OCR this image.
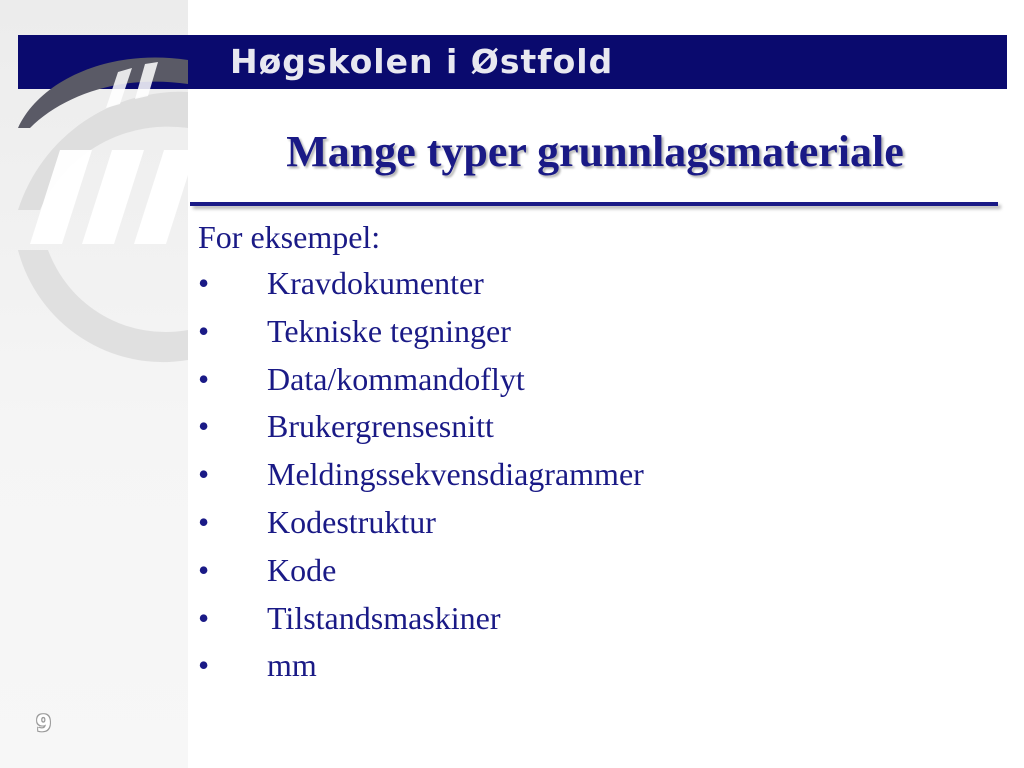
Høgskolen i Østfold
Mange typer grunnlagsmateriale
For eksempel:
•	Kravdokumenter
•	Tekniske tegninger
•	Data/kommandoflyt
•	Brukergrensesnitt
•	Meldingssekvensdiagrammer
•	Kodestruktur
•	Kode
•	Tilstandsmaskiner
•	mm
9
